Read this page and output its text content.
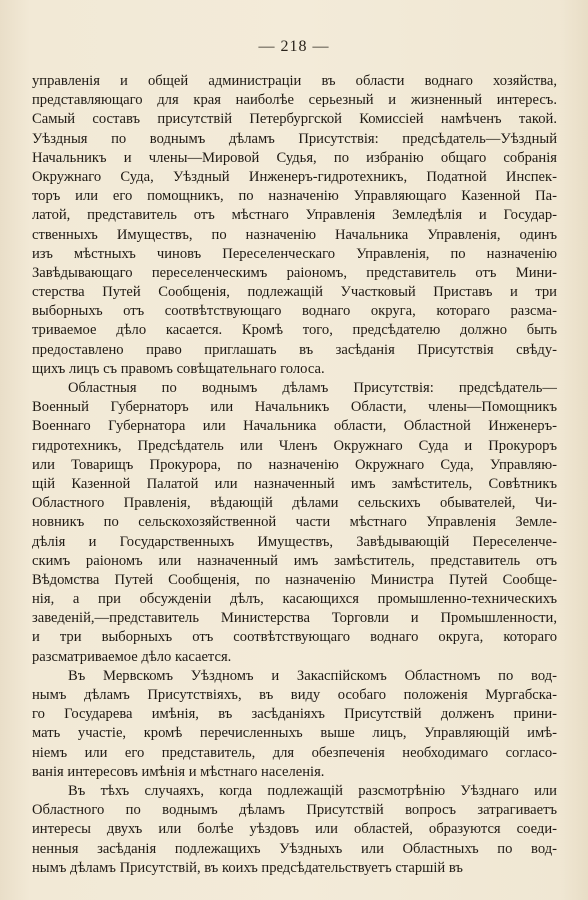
— 218 —
управленія и общей администраціи въ области воднаго хозяйства,
представляющаго для края наиболѣе серьезный и жизненный интересъ.
Самый составъ присутствій Петербургской Комиссіей намѣченъ такой.
Уѣздныя по воднымъ дѣламъ Присутствія: предсѣдатель—Уѣздный
Начальникъ и члены—Мировой Судья, по избранію общаго собранія
Окружнаго Суда, Уѣздный Инженеръ-гидротехникъ, Податной Инспек-
торъ или его помощникъ, по назначенію Управляющаго Казенной Па-
латой, представитель отъ мѣстнаго Управленія Земледѣлія и Государ-
ственныхъ Имуществъ, по назначенію Начальника Управленія, одинъ
изъ мѣстныхъ чиновъ Переселенческаго Управленія, по назначенію
Завѣдывающаго переселенческимъ раіономъ, представитель отъ Мини-
стерства Путей Сообщенія, подлежащій Участковый Приставъ и три
выборныхъ отъ соотвѣтствующаго воднаго округа, котораго разсма-
триваемое дѣло касается. Кромѣ того, предсѣдателю должно быть
предоставлено право приглашать въ засѣданія Присутствія свѣду-
щихъ лицъ съ правомъ совѣщательнаго голоса.
Областныя по воднымъ дѣламъ Присутствія: предсѣдатель—
Военный Губернаторъ или Начальникъ Области, члены—Помощникъ
Военнаго Губернатора или Начальника области, Областной Инженеръ-
гидротехникъ, Предсѣдатель или Членъ Окружнаго Суда и Прокуроръ
или Товарищъ Прокурора, по назначенію Окружнаго Суда, Управляю-
щій Казенной Палатой или назначенный имъ замѣститель, Совѣтникъ
Областного Правленія, вѣдающій дѣлами сельскихъ обывателей, Чи-
новникъ по сельскохозяйственной части мѣстнаго Управленія Земле-
дѣлія и Государственныхъ Имуществъ, Завѣдывающій Переселенче-
скимъ раіономъ или назначенный имъ замѣститель, представитель отъ
Вѣдомства Путей Сообщенія, по назначенію Министра Путей Сообще-
нія, а при обсужденіи дѣлъ, касающихся промышленно-техническихъ
заведеній,—представитель Министерства Торговли и Промышленности,
и три выборныхъ отъ соотвѣтствующаго воднаго округа, котораго
разсматриваемое дѣло касается.
Въ Мервскомъ Уѣздномъ и Закаспійскомъ Областномъ по вод-
нымъ дѣламъ Присутствіяхъ, въ виду особаго положенія Мургабска-
го Государева имѣнія, въ засѣданіяхъ Присутствій долженъ прини-
мать участіе, кромѣ перечисленныхъ выше лицъ, Управляющій имѣ-
ніемъ или его представитель, для обезпеченія необходимаго согласо-
ванія интересовъ имѣнія и мѣстнаго населенія.
Въ тѣхъ случаяхъ, когда подлежащій разсмотрѣнію Уѣзднаго или
Областного по воднымъ дѣламъ Присутствій вопросъ затрагиваетъ
интересы двухъ или болѣе уѣздовъ или областей, образуются соеди-
ненныя засѣданія подлежащихъ Уѣздныхъ или Областныхъ по вод-
нымъ дѣламъ Присутствій, въ коихъ предсѣдательствуетъ старшій въ
